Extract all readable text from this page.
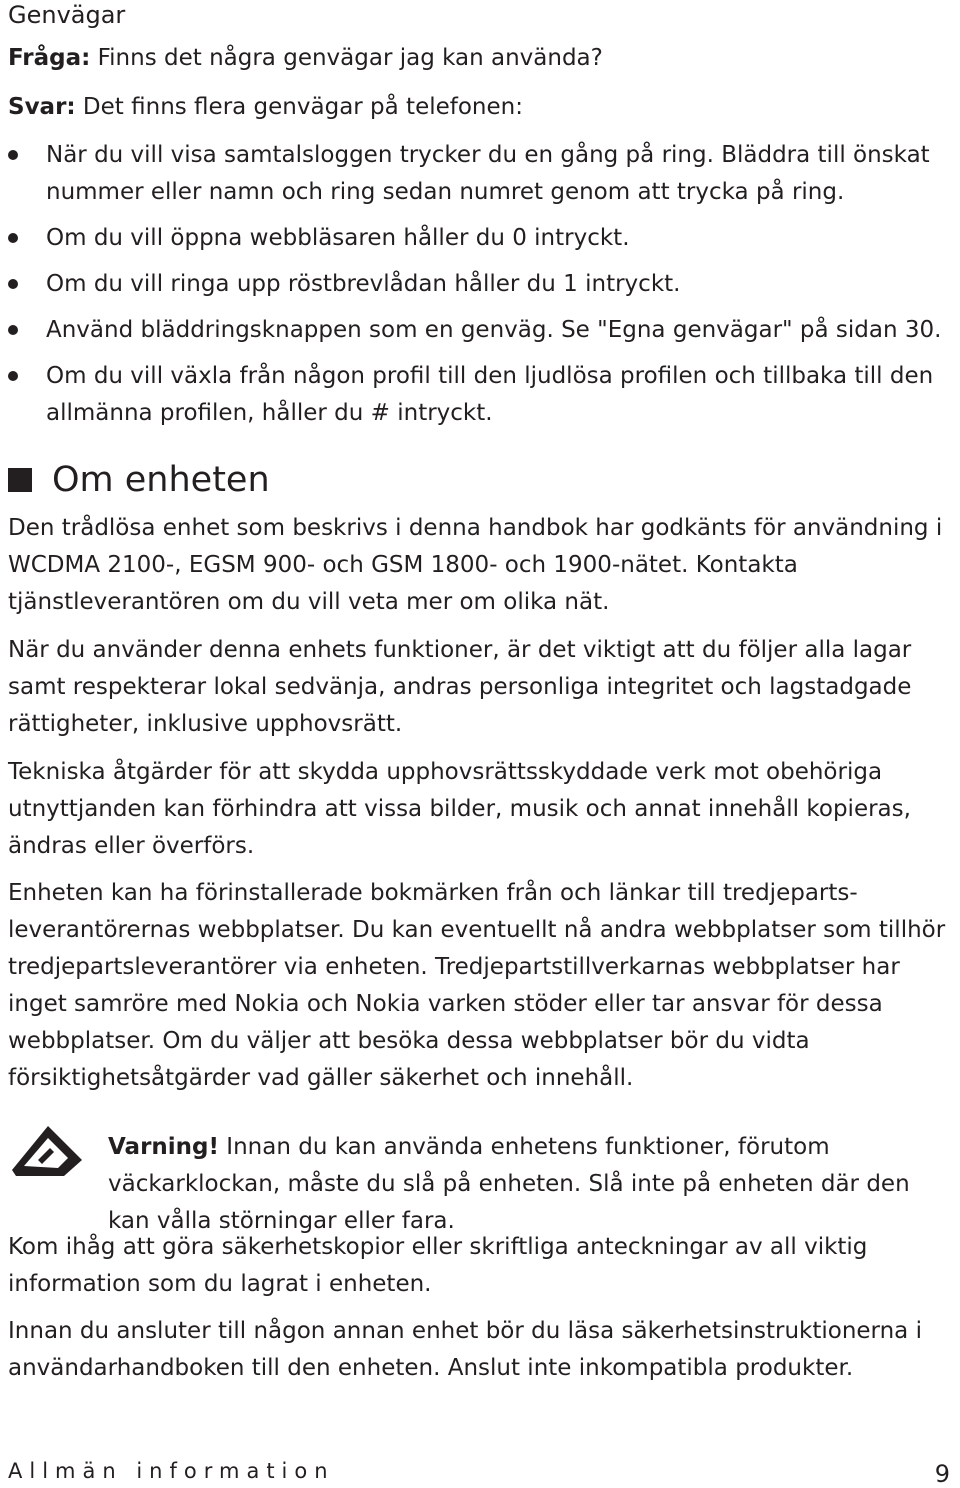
Genvägar

Fråga: Finns det några genvägar jag kan använda?

Svar: Det finns flera genvägar på telefonen:

När du vill visa samtalsloggen trycker du en gång på ring. Bläddra till önskat nummer eller namn och ring sedan numret genom att trycka på ring.
Om du vill öppna webbläsaren håller du 0 intryckt.
Om du vill ringa upp röstbrevlådan håller du 1 intryckt.
Använd bläddringsknappen som en genväg. Se "Egna genvägar" på sidan 30.
Om du vill växla från någon profil till den ljudlösa profilen och tillbaka till den allmänna profilen, håller du # intryckt.
Om enheten

Den trådlösa enhet som beskrivs i denna handbok har godkänts för användning i WCDMA 2100-, EGSM 900- och GSM 1800- och 1900-nätet. Kontakta tjänstleverantören om du vill veta mer om olika nät.

När du använder denna enhets funktioner, är det viktigt att du följer alla lagar samt respekterar lokal sedvänja, andras personliga integritet och lagstadgade rättigheter, inklusive upphovsrätt.

Tekniska åtgärder för att skydda upphovsrättsskyddade verk mot obehöriga utnyttjanden kan förhindra att vissa bilder, musik och annat innehåll kopieras, ändras eller överförs.

Enheten kan ha förinstallerade bokmärken från och länkar till tredjeparts-leverantörernas webbplatser. Du kan eventuellt nå andra webbplatser som tillhör tredjepartsleverantörer via enheten. Tredjepartstillverkarnas webbplatser har inget samröre med Nokia och Nokia varken stöder eller tar ansvar för dessa webbplatser. Om du väljer att besöka dessa webbplatser bör du vidta försiktighetsåtgärder vad gäller säkerhet och innehåll.

Varning! Innan du kan använda enhetens funktioner, förutom väckarklockan, måste du slå på enheten. Slå inte på enheten där den kan vålla störningar eller fara.

Kom ihåg att göra säkerhetskopior eller skriftliga anteckningar av all viktig information som du lagrat i enheten.

Innan du ansluter till någon annan enhet bör du läsa säkerhetsinstruktionerna i användarhandboken till den enheten. Anslut inte inkompatibla produkter.

Allmän information	9
